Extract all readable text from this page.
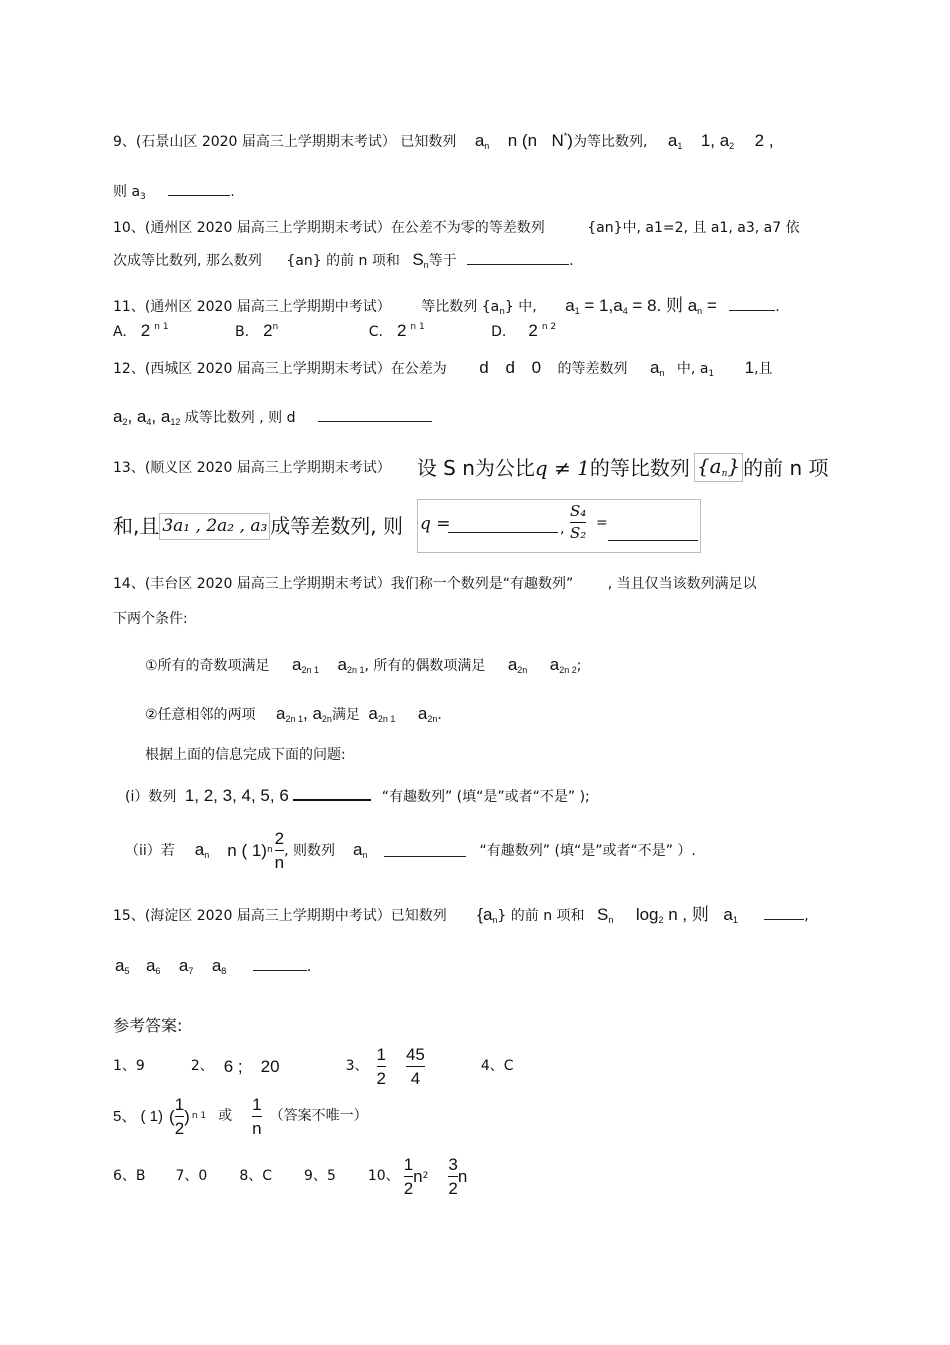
9、(石景山区 2020 届高三上学期期末考试） 已知数列 $a_n$ n (n N*)为等比数列, $a_1$ 1, $a_2$ 2 ,
则 $a_3$	.
10、(通州区 2020 届高三上学期期末考试）在公差不为零的等差数列	{an}中, a1=2, 且 a1, a3, a7 依
次成等比数列, 那么数列 {an} 的前 n 项和 $S_n$等于	.
11、(通州区 2020 届高三上学期期中考试） 等比数列 $\{a_n\}$ 中, $a_1 = 1,a_4 = 8$. 则 $a_n$ =	.
A. 2 $^{n 1}$	B. 2$^n$	C. 2 $^{n 1}$	D. 2 $^{n 2}$
12、(西城区 2020 届高三上学期期末考试）在公差为 d d 0 的等差数列 $a_n$ 中, $a_1$ 1,且
$a_2$, $a_4$, $a_{12}$ 成等比数列 , 则 d
13、(顺义区 2020 届高三上学期期末考试） 设 S n为公比 q ≠ 1 的等比数列 $\{a_n\}$ 的前 n 项
和,且 3a₁ , 2a₂ , a₃ 成等差数列, 则 q =	,
S₄
S₂
=
14、(丰台区 2020 届高三上学期期末考试）我们称一个数列是“有趣数列” , 当且仅当该数列满足以
下两个条件:
①所有的奇数项满足 $a_{2n 1}$ $a_{2n 1}$, 所有的偶数项满足 $a_{2n}$ $a_{2n 2}$;
②任意相邻的两项 $a_{2n 1}$, $a_{2n}$满足 $a_{2n 1}$ $a_{2n}$.
根据上面的信息完成下面的问题:
(i）数列 1, 2, 3, 4, 5, 6	“有趣数列” (填“是”或者“不是” );
（ii）若 $a_n$ n ( 1) n $\frac{2}{n}$ , 则数列 $a_n$	“有趣数列” (填“是”或者“不是” ）.
15、(海淀区 2020 届高三上学期期中考试）已知数列 $\{a_n\}$ 的前 n 项和 $S_n$ $\log_2 n$ , 则 $a_1$	,
$a_5$ $a_6$ $a_7$ $a_8$	.
参考答案:
1、9	2、 6 ; 20	3、 $\frac{1}{2} \frac{45}{4}$	4、C
5、 ( 1) ( $\frac{1}{2}$ ) n 1 或 $\frac{1}{n}$ （答案不唯一）
6、B 7、0 8、C 9、5 10、 $\frac{1}{2}$ n $2 \frac{3}{2}$ n
